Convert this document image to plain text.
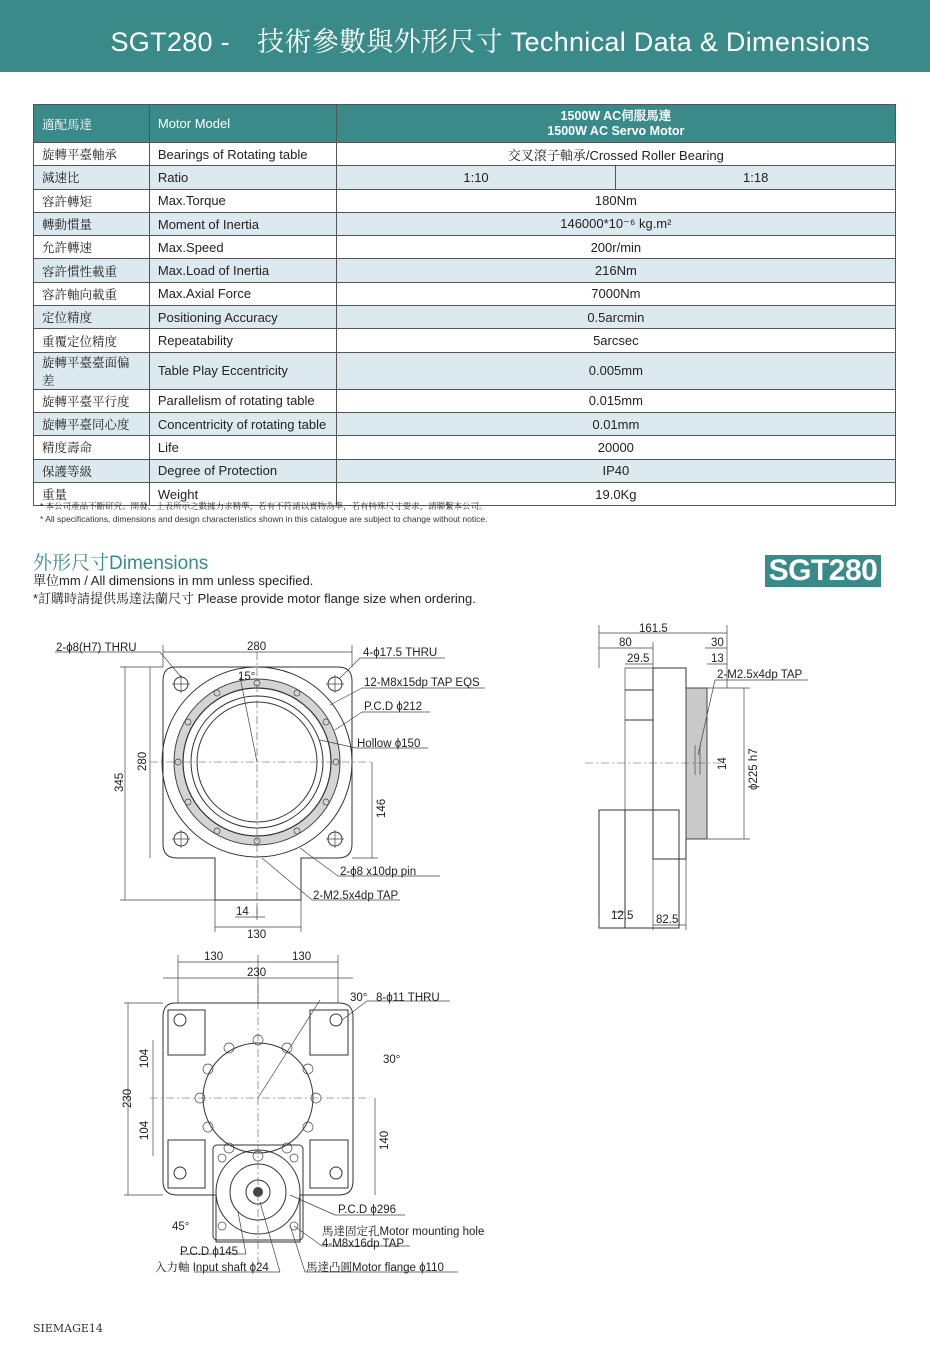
SGT280 -　技術參數與外形尺寸 Technical Data & Dimensions
適配馬達	Motor Model	1500W AC伺服馬達
1500W AC Servo Motor	

旋轉平臺軸承	Bearings of Rotating table	交叉滾子軸承/Crossed Roller Bearing	
減速比	Ratio	1:10	1:18
容許轉矩	Max.Torque	180Nm	
轉動慣量	Moment of Inertia	146000*10⁻⁶ kg.m²	
允許轉速	Max.Speed	200r/min	
容許慣性載重	Max.Load of Inertia	216Nm	
容許軸向載重	Max.Axial Force	7000Nm	
定位精度	Positioning Accuracy	0.5arcmin	
重覆定位精度	Repeatability	5arcsec	
旋轉平臺臺面偏差	Table Play Eccentricity	0.005mm	
旋轉平臺平行度	Parallelism of rotating table	0.015mm	
旋轉平臺同心度	Concentricity of rotating table	0.01mm	
精度壽命	Life	20000	
保護等級	Degree of Protection	IP40	
重量	Weight	19.0Kg	
* 本公司產品不斷研究、開發，上表所示之數據力求精準，若有不符請以實物為準，若有特殊尺寸要求，請聯繫本公司。
* All specifications, dimensions and design characteristics shown in this catalogue are subject to change without notice.
外形尺寸Dimensions
單位mm / All dimensions in mm unless specified.
*訂購時請提供馬達法蘭尺寸 Please provide motor flange size when ordering.
SGT280
2-ϕ8(H7) THRU	280	4-ϕ17.5 THRU
12-M8x15dp TAP EQS
P.C.D ϕ212
Hollow ϕ150
15°
345
280
146
2-ϕ8 x10dp pin
2-M2.5x4dp TAP
14
130
161.5
80	30
29.5	13
2-M2.5x4dp TAP
14 ϕ225 h7
12.5 82.5
130	130
230
30° 8-ϕ11 THRU
30°
104
104
230
140
P.C.D ϕ296
馬達固定孔Motor mounting hole
4-M8x16dp TAP
45°
P.C.D ϕ145
入力軸 Input shaft ϕ24	馬達凸圓Motor flange ϕ110
SIEMAGE14
